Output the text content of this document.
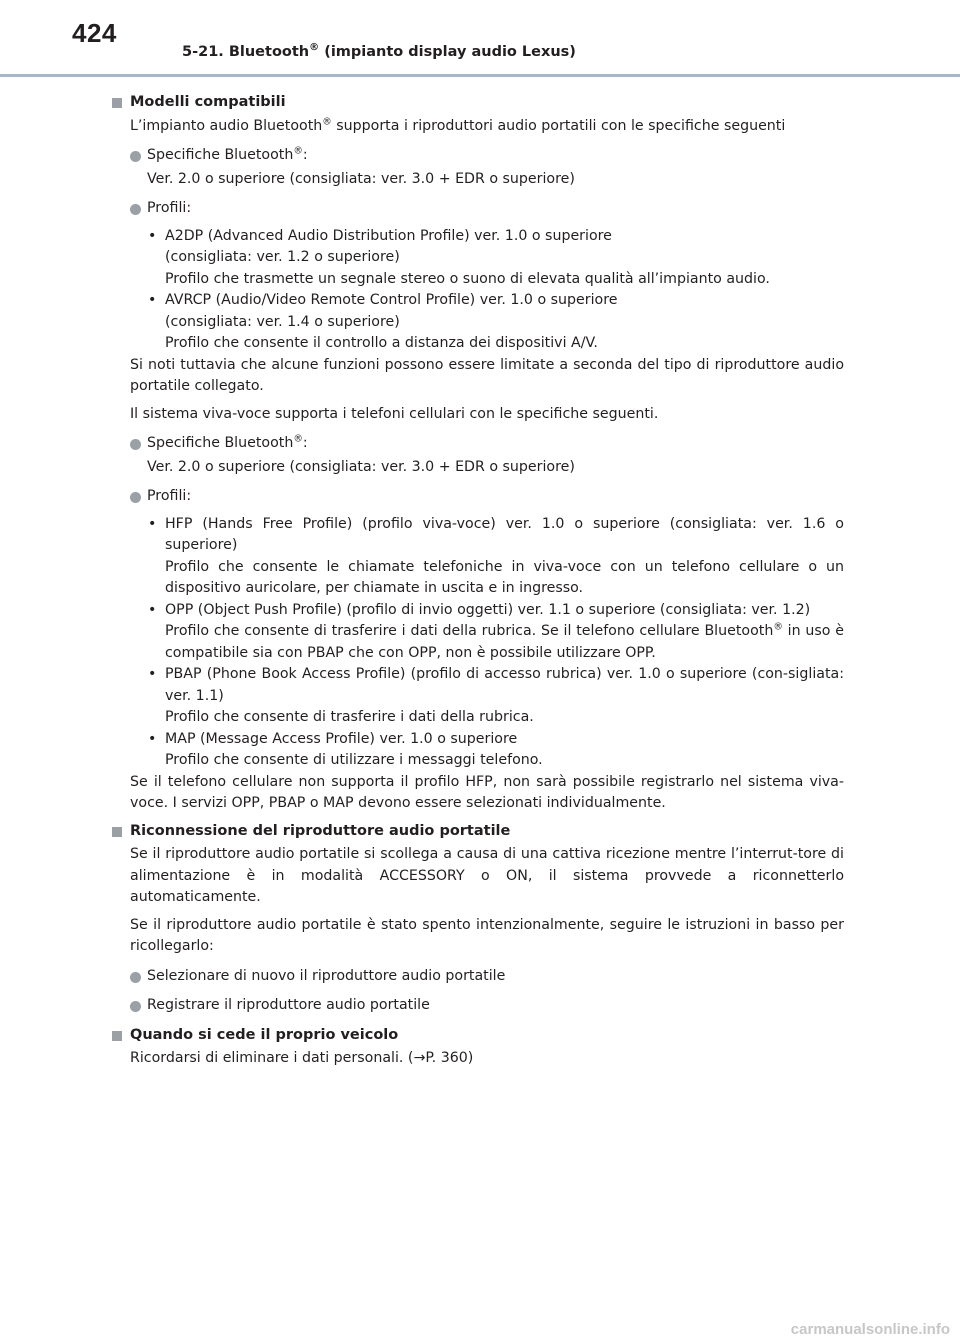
424
5-21. Bluetooth® (impianto display audio Lexus)
Modelli compatibili

L’impianto audio Bluetooth® supporta i riproduttori audio portatili con le specifiche seguenti

Specifiche Bluetooth®:
Ver. 2.0 o superiore (consigliata: ver. 3.0 + EDR o superiore)
Profili:
• A2DP (Advanced Audio Distribution Profile) ver. 1.0 o superiore
(consigliata: ver. 1.2 o superiore)
Profilo che trasmette un segnale stereo o suono di elevata qualità all’impianto audio.
• AVRCP (Audio/Video Remote Control Profile) ver. 1.0 o superiore
(consigliata: ver. 1.4 o superiore)
Profilo che consente il controllo a distanza dei dispositivi A/V.

Si noti tuttavia che alcune funzioni possono essere limitate a seconda del tipo di riproduttore audio portatile collegato.

Il sistema viva-voce supporta i telefoni cellulari con le specifiche seguenti.

Specifiche Bluetooth®:
Ver. 2.0 o superiore (consigliata: ver. 3.0 + EDR o superiore)
Profili:
• HFP (Hands Free Profile) (profilo viva-voce) ver. 1.0 o superiore (consigliata: ver. 1.6 o superiore)
Profilo che consente le chiamate telefoniche in viva-voce con un telefono cellulare o un dispositivo auricolare, per chiamate in uscita e in ingresso.
• OPP (Object Push Profile) (profilo di invio oggetti) ver. 1.1 o superiore (consigliata: ver. 1.2)
Profilo che consente di trasferire i dati della rubrica. Se il telefono cellulare Bluetooth® in uso è compatibile sia con PBAP che con OPP, non è possibile utilizzare OPP.
• PBAP (Phone Book Access Profile) (profilo di accesso rubrica) ver. 1.0 o superiore (con-sigliata: ver. 1.1)
Profilo che consente di trasferire i dati della rubrica.
• MAP (Message Access Profile) ver. 1.0 o superiore
Profilo che consente di utilizzare i messaggi telefono.

Se il telefono cellulare non supporta il profilo HFP, non sarà possibile registrarlo nel sistema viva-voce. I servizi OPP, PBAP o MAP devono essere selezionati individualmente.

Riconnessione del riproduttore audio portatile

Se il riproduttore audio portatile si scollega a causa di una cattiva ricezione mentre l’interrut-tore di alimentazione è in modalità ACCESSORY o ON, il sistema provvede a riconnetterlo automaticamente.

Se il riproduttore audio portatile è stato spento intenzionalmente, seguire le istruzioni in basso per ricollegarlo:

Selezionare di nuovo il riproduttore audio portatile
Registrare il riproduttore audio portatile
Quando si cede il proprio veicolo

Ricordarsi di eliminare i dati personali. (→P. 360)

carmanualsonline.info
